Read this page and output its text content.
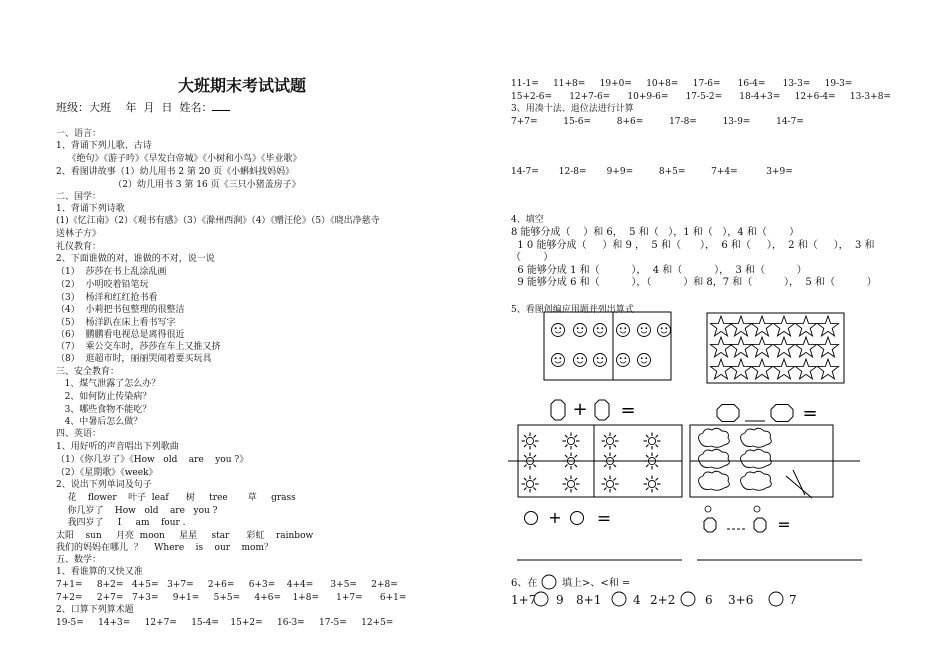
大班期末考试试题

班级：大班　 年  月  日  姓名：

一、语言：
1、背诵下列儿歌、古诗
《绝句》《游子吟》《早发白帝城》《小树和小鸟》《毕业歌》
2、看图讲故事（1）幼儿用书 2 第 20 页《小蝌蚪找妈妈》
（2）幼儿用书 3 第 16 页《三只小猪盖房子》
二、国学：
1、背诵下列诗歌
(1)《忆江南》（2）《观书有感》（3）《滁州西涧》（4）《赠汪伦》（5）《晓出净慈寺
送林子方》
礼仪教育：
2、下面谁做的对，谁做的不对，说一说
（1）  莎莎在书上乱涂乱画
（2）  小明咬着铅笔玩
（3）  杨洋和红红抢书看
（4）  小莉把书包整理的很整洁
（5）  杨洋趴在床上看书写字
（6）  鹏鹏看电视总是离得很近
（7）  乘公交车时，莎莎在车上又推又挤
（8）  逛超市时，丽丽哭闹着要买玩具
三、安全教育：
1、煤气泄露了怎么办？
2、如何防止传染病？
3、哪些食物不能吃？
4、中暑后怎么做？
四、英语：
1、用好听的声音唱出下列歌曲
（1）《你几岁了》《How   old    are    you ?》
（2）《星期歌》《week》
2、说出下列单词及句子
花    flower    叶子  leaf      树     tree       草     grass
你几岁了    How   old    are   you ?
我四岁了     I     am    four .
太阳    sun     月亮  moon     星星     star      彩虹    rainbow
我们的妈妈在哪儿  ？    Where    is    our    mom？
五、数学：
1、看谁算的又快又准
7+1=     8+2=   4+5=   3+7=     2+6=     6+3=    4+4=      3+5=     2+8=
7+2=     2+7=   7+3=     9+1=     5+5=     4+6=    1+8=      1+7=      6+1=
2、口算下列算术题
19-5=     14+3=     12+7=     15-4=    15+2=     16-3=     17-5=     12+5=

11-1=     11+8=     19+0=     10+8=     17-6=      16-4=      13-3=     19-3=
15+2-6=      12+7-6=      10+9-6=      17-5-2=      18-4+3=     12+6-4=     13-3+8=
3、用凑十法、退位法进行计算
7+7=         15-6=         8+6=         17-8=         13-9=         14-7=
14-7=       12-8=       9+9=         8+5=         7+4=          3+9=
4、填空
5、看图创编应用题并列出算式

8 能够分成（    ）和 6，  5 和（   ），1 和（   ），4 和（       ）
1 0 能够分成（     ）和 9 ，  5 和（      ），  6 和（     ），  2 和（     ），  3 和
（       ）
6 能够分成 1 和（          ），  4 和（          ），  3 和（          ）
9 能够分成 6 和（          ），（          ）和 8，7 和（          ），  5 和（          ）

+ =	=
+ =	=
6、在 填上>、<和 =
1+7 9 8+1	4 2+2 6 3+6	7
